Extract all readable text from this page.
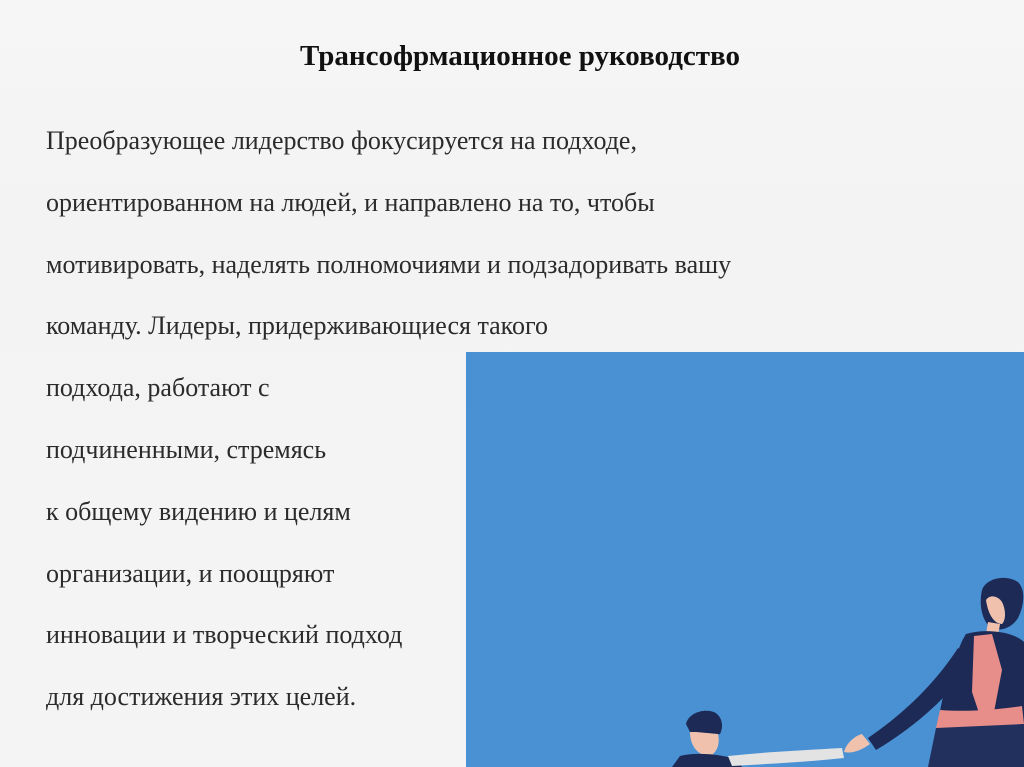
Трансофрмационное руководство
Преобразующее лидерство фокусируется на подходе,
ориентированном на людей, и направлено на то, чтобы
мотивировать, наделять полномочиями и подзадоривать вашу
команду. Лидеры, придерживающиеся такого
подхода, работают с
подчиненными, стремясь
к общему видению и целям
организации, и поощряют
инновации и творческий подход
для достижения этих целей.
